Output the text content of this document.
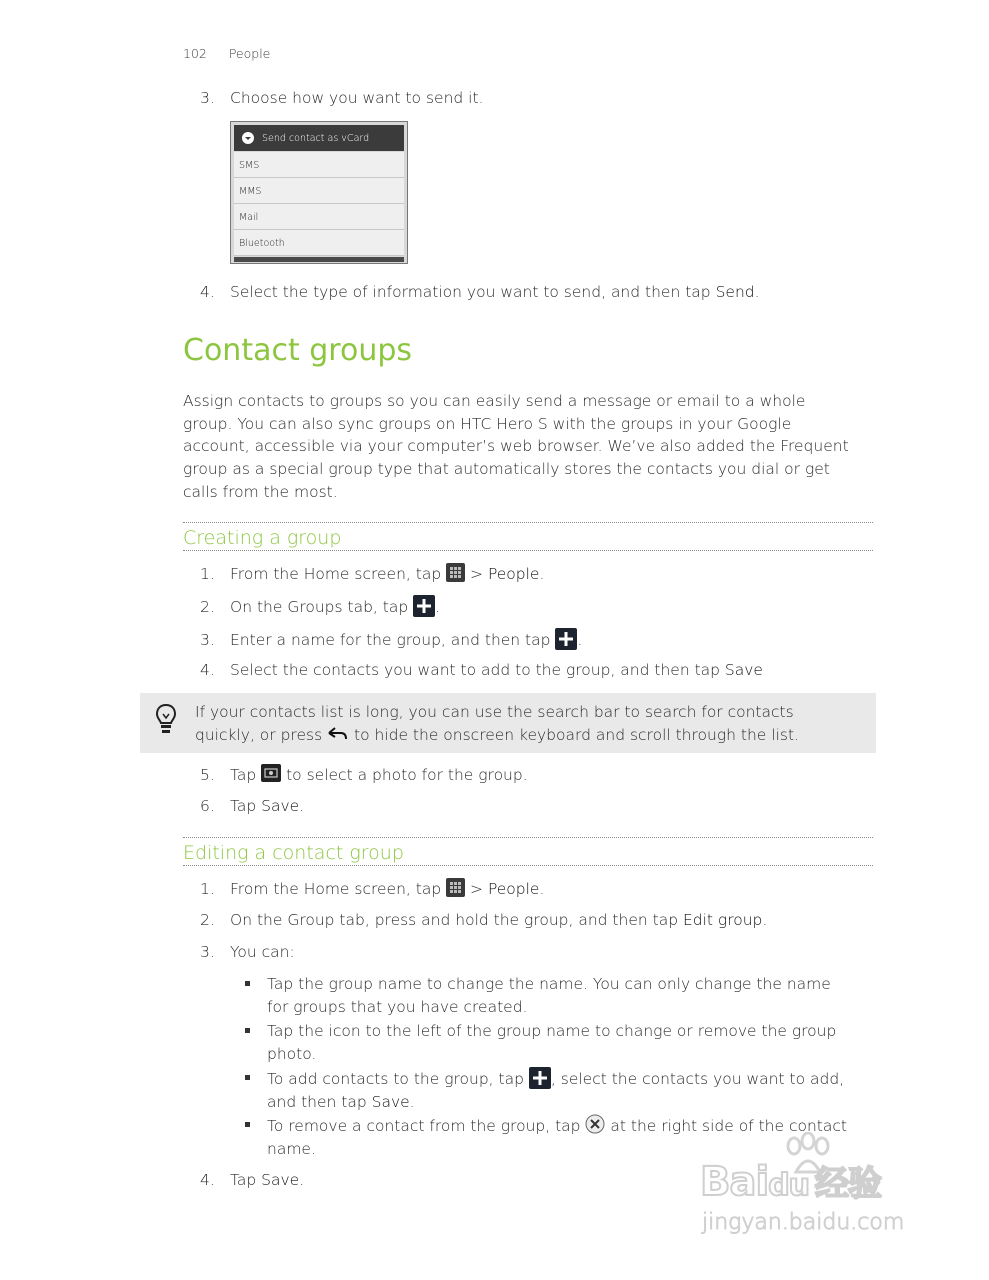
102 People
3. Choose how you want to send it.
Send contact as vCard
SMS
MMS
Mail
Bluetooth
4. Select the type of information you want to send, and then tap Send.
Contact groups
Assign contacts to groups so you can easily send a message or email to a whole
group. You can also sync groups on HTC Hero S with the groups in your Google
account, accessible via your computer’s web browser. We’ve also added the Frequent
group as a special group type that automatically stores the contacts you dial or get
calls from the most.
Creating a group
1. From the Home screen, tap  > People.
2. On the Groups tab, tap .
3. Enter a name for the group, and then tap .
4. Select the contacts you want to add to the group, and then tap Save
If your contacts list is long, you can use the search bar to search for contacts
quickly, or press  to hide the onscreen keyboard and scroll through the list.
5. Tap  to select a photo for the group.
6. Tap Save.
Editing a contact group
1. From the Home screen, tap  > People.
2. On the Group tab, press and hold the group, and then tap Edit group.
3. You can:
Tap the group name to change the name. You can only change the name
for groups that you have created.
Tap the icon to the left of the group name to change or remove the group
photo.
To add contacts to the group, tap , select the contacts you want to add,
and then tap Save.
To remove a contact from the group, tap  at the right side of the contact
name.
4. Tap Save.	Baidu 经验
jingyan.baidu.com
